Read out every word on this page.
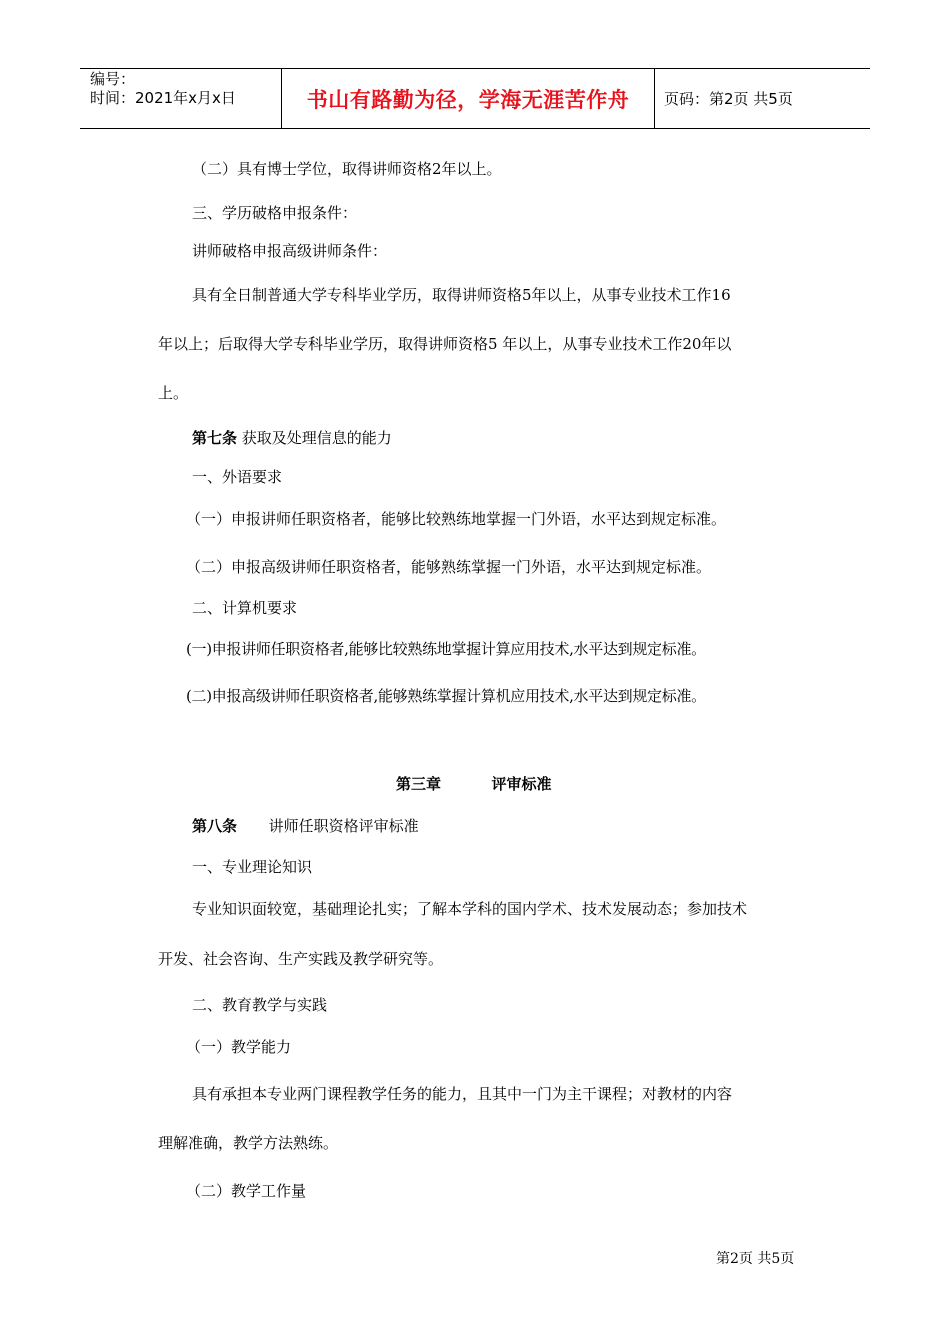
编号：
时间：2021年x月x日	书山有路勤为径，学海无涯苦作舟 页码：第2页 共5页
（二）具有博士学位，取得讲师资格2年以上。
三、学历破格申报条件：
讲师破格申报高级讲师条件：
具有全日制普通大学专科毕业学历，取得讲师资格5年以上，从事专业技术工作16
年以上；后取得大学专科毕业学历，取得讲师资格5 年以上，从事专业技术工作20年以
上。
第七条 获取及处理信息的能力
一、外语要求
（一）申报讲师任职资格者，能够比较熟练地掌握一门外语，水平达到规定标准。
（二）申报高级讲师任职资格者，能够熟练掌握一门外语，水平达到规定标准。
二、计算机要求
(一)申报讲师任职资格者,能够比较熟练地掌握计算应用技术,水平达到规定标准。
(二)申报高级讲师任职资格者,能够熟练掌握计算机应用技术,水平达到规定标准。
第三章	评审标准
第八条 讲师任职资格评审标准
一、专业理论知识
专业知识面较宽，基础理论扎实；了解本学科的国内学术、技术发展动态；参加技术
开发、社会咨询、生产实践及教学研究等。
二、教育教学与实践
（一）教学能力
具有承担本专业两门课程教学任务的能力，且其中一门为主干课程；对教材的内容
理解准确，教学方法熟练。
（二）教学工作量
第2页 共5页
